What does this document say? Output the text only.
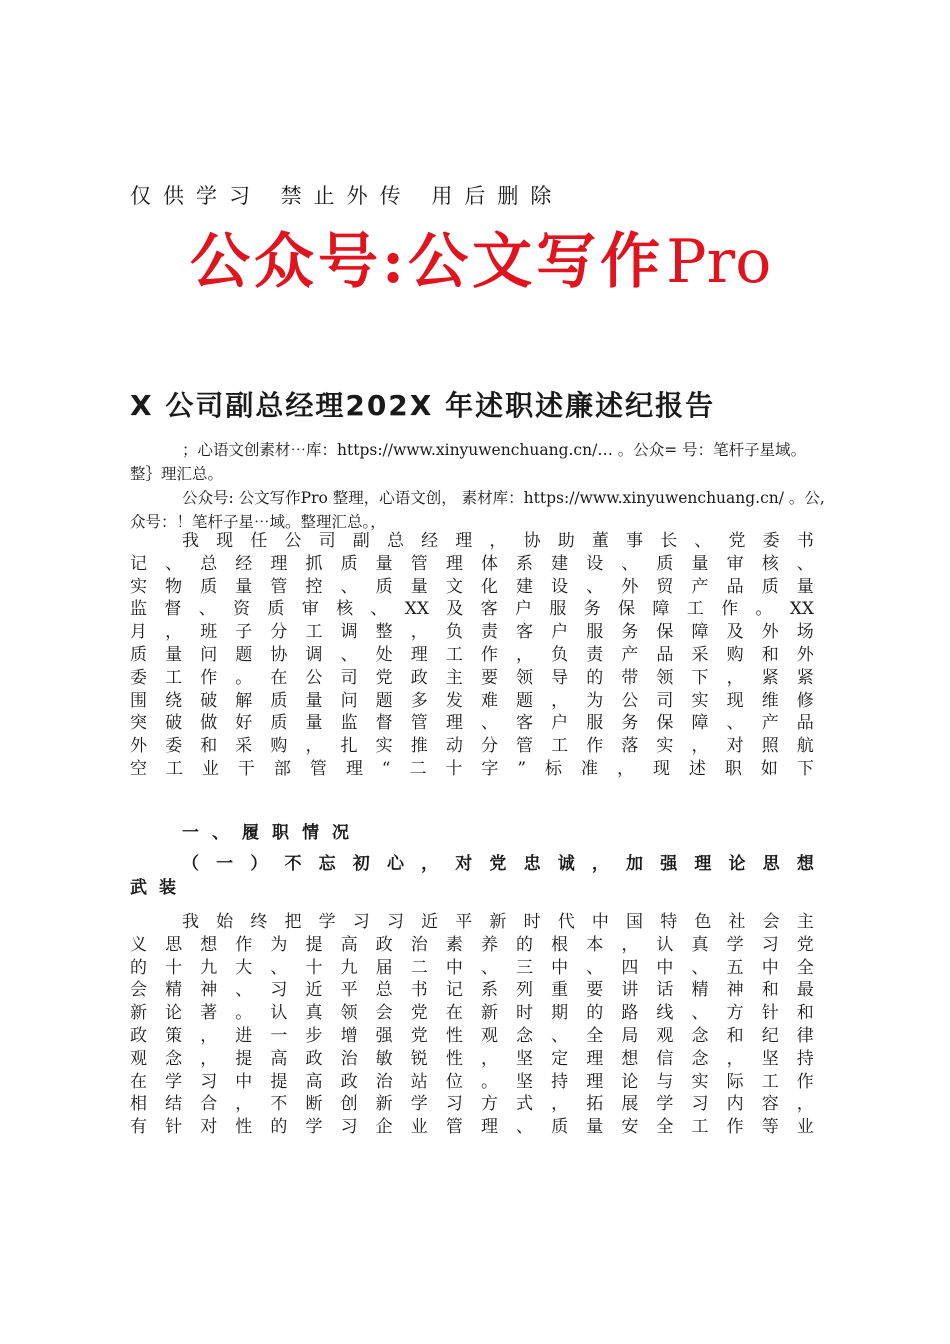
仅供学习 禁止外传 用后删除
公众号:公文写作Pro
X 公司副总经理202X 年述职述廉述纪报告
；心语文创素材⋯库：https://www.xinyuwenchuang.cn/… 。公众= 号：笔杆子星域。
整｝理汇总。
公众号: 公文写作Pro 整理，心语文创， 素材库：https://www.xinyuwenchuang.cn/ 。公,
众号：！笔杆子星⋯域。整理汇总。，
我 现 任 公 司 副 总 经 理 ， 协 助 董 事 长 、 党 委 书
记 、 总 经 理 抓 质 量 管 理 体 系 建 设 、 质 量 审 核 、
实 物 质 量 管 控 、 质 量 文 化 建 设 、 外 贸 产 品 质 量
监 督 、 资 质 审 核 、 XX 及 客 户 服 务 保 障 工 作 。 XX
月 ， 班 子 分 工 调 整 ， 负 责 客 户 服 务 保 障 及 外 场
质 量 问 题 协 调 、 处 理 工 作 ， 负 责 产 品 采 购 和 外
委 工 作 。 在 公 司 党 政 主 要 领 导 的 带 领 下 ， 紧 紧
围 绕 破 解 质 量 问 题 多 发 难 题 ， 为 公 司 实 现 维 修
突 破 做 好 质 量 监 督 管 理 、 客 户 服 务 保 障 、 产 品
外 委 和 采 购 ， 扎 实 推 动 分 管 工 作 落 实 ， 对 照 航
空 工 业 干 部 管 理 “ 二 十 字 ” 标 准 ， 现 述 职 如 下
一、履职情况
（ 一 ） 不 忘 初 心 ， 对 党 忠 诚 ， 加 强 理 论 思 想
武装
我 始 终 把 学 习 习 近 平 新 时 代 中 国 特 色 社 会 主
义 思 想 作 为 提 高 政 治 素 养 的 根 本 ， 认 真 学 习 党
的 十 九 大 、 十 九 届 二 中 、 三 中 、 四 中 、 五 中 全
会 精 神 、 习 近 平 总 书 记 系 列 重 要 讲 话 精 神 和 最
新 论 著 。 认 真 领 会 党 在 新 时 期 的 路 线 、 方 针 和
政 策 ， 进 一 步 增 强 党 性 观 念 、 全 局 观 念 和 纪 律
观 念 ， 提 高 政 治 敏 锐 性 ， 坚 定 理 想 信 念 ， 坚 持
在 学 习 中 提 高 政 治 站 位 。 坚 持 理 论 与 实 际 工 作
相 结 合 ， 不 断 创 新 学 习 方 式 ， 拓 展 学 习 内 容 ，
有 针 对 性 的 学 习 企 业 管 理 、 质 量 安 全 工 作 等 业
